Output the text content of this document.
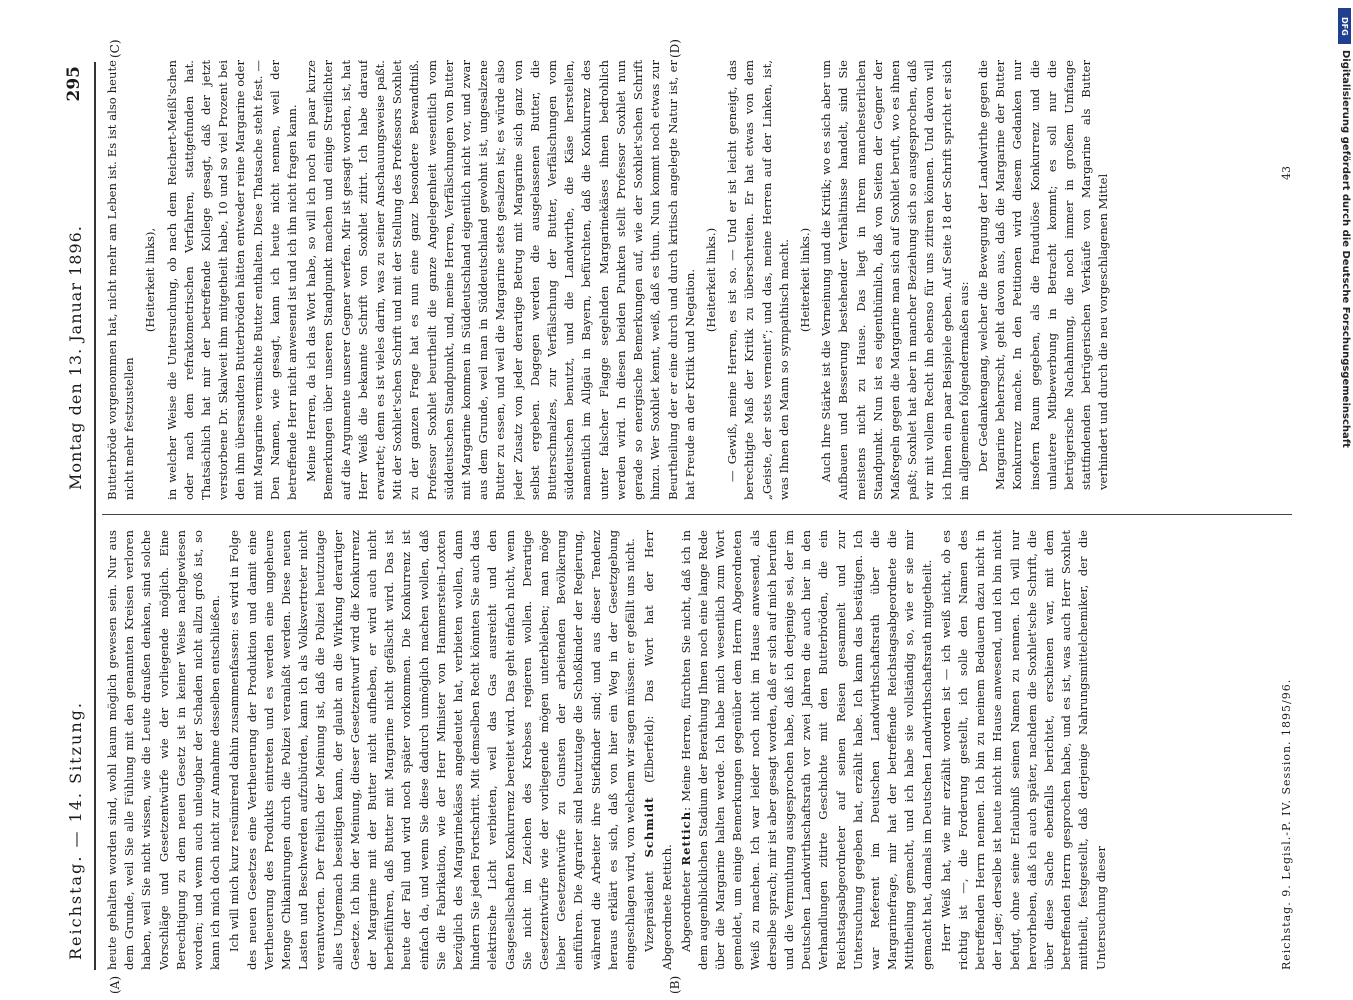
Reichstag. — 14. Sitzung.
Montag den 13. Januar 1896.
295
(A)	(B)
(C)	(D)

heute gehalten worden sind, wohl kaum möglich gewesen sein. Nur aus dem Grunde, weil Sie alle Fühlung mit den genannten Kreisen verloren haben, weil Sie nicht wissen, wie die Leute draußen denken, sind solche Vorschläge und Gesetzentwürfe wie der vorliegende möglich. Eine Berechtigung zu dem neuen Gesetz ist in keiner Weise nachgewiesen worden; und wenn auch unleugbar der Schaden nicht allzu groß ist, so kann ich mich doch nicht zur Annahme desselben entschließen. Ich will mich kurz resümirend dahin zusammenfassen: es wird in Folge des neuen Gesetzes eine Vertheuerung der Produktion und damit eine Vertheuerung des Produkts eintreten und es werden eine ungeheure Menge Chikanirungen durch die Polizei veranlaßt werden. Diese neuen Lasten und Beschwerden aufzubürden, kann ich als Volksvertreter nicht verantworten. Der freilich der Meinung ist, daß die Polizei heutzutage alles Ungemach beseitigen kann, der glaubt an die Wirkung derartiger Gesetze. Ich bin der Meinung, dieser Gesetzentwurf wird die Konkurrenz der Margarine mit der Butter nicht aufheben, er wird auch nicht herbeiführen, daß Butter mit Margarine nicht gefälscht wird. Das ist heute der Fall und wird noch später vorkommen. Die Konkurrenz ist einfach da, und wenn Sie diese dadurch unmöglich machen wollen, daß Sie die Fabrikation, wie der Herr Minister von Hammerstein-Loxten bezüglich des Margarinekäses angedeutet hat, verbieten wollen, dann hindern Sie jeden Fortschritt. Mit demselben Recht könnten Sie auch das elektrische Licht verbieten, weil das Gas ausreicht und den Gasgesellschaften Konkurrenz bereitet wird. Das geht einfach nicht, wenn Sie nicht im Zeichen des Krebses regieren wollen. Derartige Gesetzentwürfe wie der vorliegende mögen unterbleiben; man möge lieber Gesetzentwürfe zu Gunsten der arbeitenden Bevölkerung einführen. Die Agrarier sind heutzutage die Schoßkinder der Regierung, während die Arbeiter ihre Stiefkinder sind; und aus dieser Tendenz heraus erklärt es sich, daß von hier ein Weg in der Gesetzgebung eingeschlagen wird, von welchem wir sagen müssen: er gefällt uns nicht. Vizepräsident Schmidt (Elberfeld): Das Wort hat der Herr Abgeordnete Rettich. Abgeordneter Rettich: Meine Herren, fürchten Sie nicht, daß ich in dem augenblicklichen Stadium der Berathung Ihnen noch eine lange Rede über die Margarine halten werde. Ich habe mich wesentlich zum Wort gemeldet, um einige Bemerkungen gegenüber dem Herrn Abgeordneten Weiß zu machen. Ich war leider noch nicht im Hause anwesend, als derselbe sprach; mir ist aber gesagt worden, daß er sich auf mich berufen und die Vermuthung ausgesprochen habe, daß ich derjenige sei, der im Deutschen Landwirthschaftsrath vor zwei Jahren die auch hier in den Verhandlungen zitirte Geschichte mit den Butterbröden, die ein Reichstagsabgeordneter auf seinen Reisen gesammelt und zur Untersuchung gegeben hat, erzählt habe. Ich kann das bestätigen. Ich war Referent im Deutschen Landwirthschaftsrath über die Margarinefrage, mir hat der betreffende Reichstagsabgeordnete die Mittheilung gemacht, und ich habe sie vollständig so, wie er sie mir gemacht hat, damals im Deutschen Landwirthschaftsrath mitgetheilt. Herr Weiß hat, wie mir erzählt worden ist — ich weiß nicht, ob es richtig ist —, die Forderung gestellt, ich solle den Namen des betreffenden Herrn nennen. Ich bin zu meinem Bedauern dazu nicht in der Lage; derselbe ist heute nicht im Hause anwesend, und ich bin nicht befugt, ohne seine Erlaubniß seinen Namen zu nennen. Ich will nur hervorheben, daß ich auch später, nachdem die Soxhlet'sche Schrift, die über diese Sache ebenfalls berichtet, erschienen war, mit dem betreffenden Herrn gesprochen habe, und es ist, was auch Herr Soxhlet mittheilt, festgestellt, daß derjenige Nahrungsmittelchemiker, der die Untersuchung dieser

Butterbröde vorgenommen hat, nicht mehr am Leben ist. Es ist also heute nicht mehr festzustellen

(Heiterkeit links), in welcher Weise die Untersuchung, ob nach dem Reichert-Meißl'schen oder nach dem refraktometrischen Verfahren, stattgefunden hat. Thatsächlich hat mir der betreffende Kollege gesagt, daß der jetzt verstorbene Dr. Skalweit ihm mitgetheilt habe, 10 und so viel Prozent bei den ihm übersandten Butterbröden hätten entweder reine Margarine oder mit Margarine vermischte Butter enthalten. Diese Thatsache steht fest. — Den Namen, wie gesagt, kann ich heute nicht nennen, weil der betreffende Herr nicht anwesend ist und ich ihn nicht fragen kann. Meine Herren, da ich das Wort habe, so will ich noch ein paar kurze Bemerkungen über unseren Standpunkt machen und einige Streiflichter auf die Argumente unserer Gegner werfen. Mir ist gesagt worden, ist, hat Herr Weiß die bekannte Schrift von Soxhlet zitirt. Ich habe darauf erwartet; denn es ist vieles darin, was zu seiner Anschauungsweise paßt. Mit der Soxhlet'schen Schrift und mit der Stellung des Professors Soxhlet zu der ganzen Frage hat es nun eine ganz besondere Bewandtniß. Professor Soxhlet beurtheilt die ganze Angelegenheit wesentlich vom süddeutschen Standpunkt, und, meine Herren, Verfälschungen von Butter mit Margarine kommen in Süddeutschland eigentlich nicht vor, und zwar aus dem Grunde, weil man in Süddeutschland gewohnt ist, ungesalzene Butter zu essen, und weil die Margarine stets gesalzen ist; es würde also jeder Zusatz von jeder derartige Betrug mit Margarine sich ganz von selbst ergeben. Dagegen werden die ausgelassenen Butter, die Butterschmalzes, zur Verfälschung der Butter, Verfälschungen vom süddeutschen benutzt, und die Landwirthe, die Käse herstellen, namentlich im Allgäu in Bayern, befürchten, daß die Konkurrenz des unter falscher Flagge segelnden Margarinekäses ihnen bedrohlich werden wird. In diesen beiden Punkten stellt Professor Soxhlet nun gerade so energische Bemerkungen auf, wie der Soxhlet'schen Schrift hinzu. Wer Soxhlet kennt, weiß, daß es thun. Nun kommt noch etwas zur Beurtheilung der er eine durch und durch kritisch angelegte Natur ist, er hat Freude an der Kritik und Negation. (Heiterkeit links.) — Gewiß, meine Herren, es ist so. — Und er ist leicht geneigt, das berechtigte Maß der Kritik zu überschreiten. Er hat etwas von dem „Geiste, der stets verneint“; und das, meine Herren auf der Linken, ist, was Ihnen den Mann so sympathisch macht. (Heiterkeit links.) Auch Ihre Stärke ist die Verneinung und die Kritik; wo es sich aber um Aufbauen und Besserung bestehender Verhältnisse handelt, sind Sie meistens nicht zu Hause. Das liegt in Ihrem manchesterlichen Standpunkt. Nun ist es eigenthümlich, daß von Seiten der Gegner der Maßregeln gegen die Margarine man sich auf Soxhlet beruft, wo es ihnen paßt; Soxhlet hat aber in mancher Beziehung sich so ausgesprochen, daß wir mit vollem Recht ihn ebenso für uns zitiren können. Und davon will ich Ihnen ein paar Beispiele geben. Auf Seite 18 der Schrift spricht er sich im allgemeinen folgendermaßen aus: Der Gedankengang, welcher die Bewegung der Landwirthe gegen die Margarine beherrscht, geht davon aus, daß die Margarine der Butter Konkurrenz mache. In den Petitionen wird diesem Gedanken nur insofern Raum gegeben, als die fraudulöse Konkurrenz und die unlautere Mitbewerbung in Betracht kommt; es soll nur die betrügerische Nachahmung, die noch immer in großem Umfange stattfindenden betrügerischen Verkäufe von Margarine als Butter verhindert und durch die neu vorgeschlagenen Mittel

Reichstag. 9. Legisl.-P. IV. Session. 1895/96.
43
DFG
Digitalisierung gefördert durch die Deutsche Forschungsgemeinschaft
